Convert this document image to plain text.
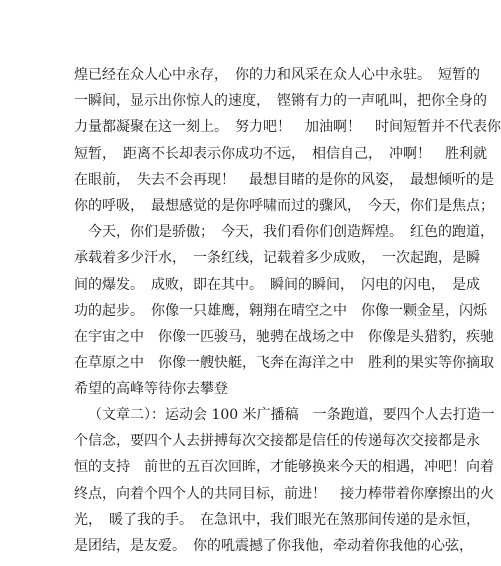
煌已经在众人心中永存，　你的力和风采在众人心中永驻。　短暂的
一瞬间，显示出你惊人的速度，　铿锵有力的一声吼叫，把你全身的
力量都凝聚在这一刻上。　努力吧！　加油啊！　时间短暂并不代表你
短暂，　距离不长却表示你成功不远，　相信自己，　冲啊！　胜利就
在眼前，　失去不会再现！　最想目睹的是你的风姿，　最想倾听的是
你的呼吸，　最想感觉的是你呼啸而过的骤风，　今天，你们是焦点；
　今天，你们是骄傲；　今天，我们看你们创造辉煌。　红色的跑道，
承载着多少汗水，　一条红线，记载着多少成败，　一次起跑，是瞬
间的爆发。　成败，即在其中。　瞬间的瞬间，　闪电的闪电，　是成
功的起步。　你像一只雄鹰，翱翔在晴空之中　你像一颗金星，闪烁
在宇宙之中　你像一匹骏马，驰骋在战场之中　你像是头猎豹，疾驰
在草原之中　你像一艘快艇，飞奔在海洋之中　胜利的果实等你摘取
希望的高峰等待你去攀登
（文章二）：运动会 100 米广播稿　一条跑道，要四个人去打造一
个信念，要四个人去拼搏每次交接都是信任的传递每次交接都是永
恒的支持　前世的五百次回眸，才能够换来今天的相遇，冲吧！向着
终点，向着个四个人的共同目标，前进！　接力棒带着你摩擦出的火
光，　暖了我的手。　在急讯中，我们眼光在煞那间传递的是永恒，
是团结，是友爱。　你的吼震撼了你我他，牵动着你我他的心弦，
